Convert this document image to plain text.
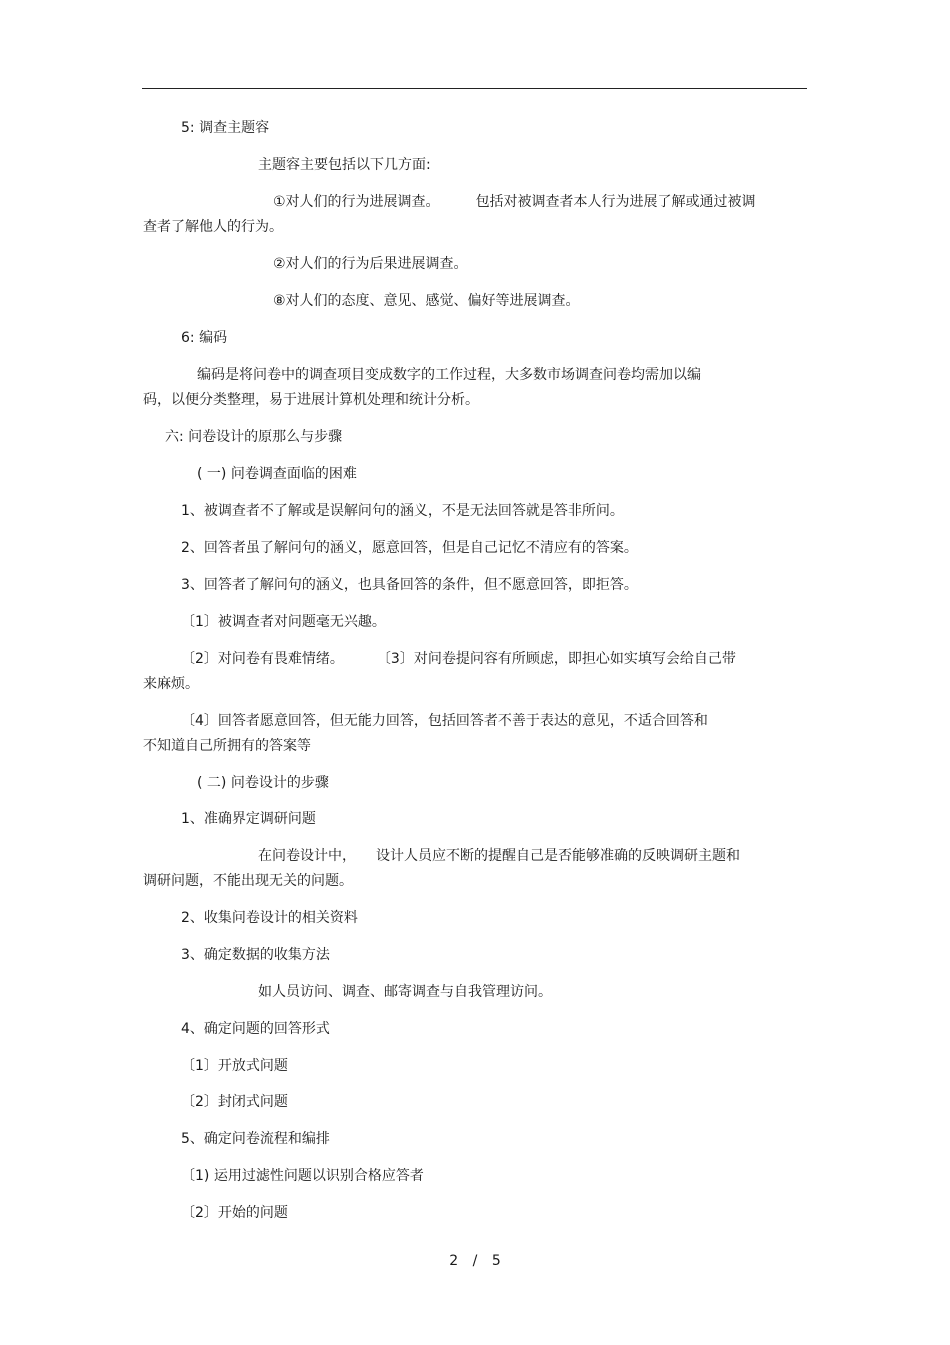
5: 调查主题容
主题容主要包括以下几方面:
①对人们的行为进展调查。	包括对被调查者本人行为进展了解或通过被调
查者了解他人的行为。
②对人们的行为后果进展调查。
⑧对人们的态度、意见、感觉、偏好等进展调查。
6: 编码
编码是将问卷中的调查项目变成数字的工作过程，大多数市场调查问卷均需加以编
码，以便分类整理，易于进展计算机处理和统计分析。
六: 问卷设计的原那么与步骤
( 一) 问卷调查面临的困难
1、被调查者不了解或是误解问句的涵义，不是无法回答就是答非所问。
2、回答者虽了解问句的涵义，愿意回答，但是自己记忆不清应有的答案。
3、回答者了解问句的涵义，也具备回答的条件，但不愿意回答，即拒答。
〔1〕被调查者对问题毫无兴趣。
〔2〕对问卷有畏难情绪。 〔3〕对问卷提问容有所顾虑，即担心如实填写会给自己带
来麻烦。
〔4〕回答者愿意回答，但无能力回答，包括回答者不善于表达的意见，不适合回答和
不知道自己所拥有的答案等
( 二) 问卷设计的步骤
1、准确界定调研问题
在问卷设计中， 设计人员应不断的提醒自己是否能够准确的反映调研主题和
调研问题，不能出现无关的问题。
2、收集问卷设计的相关资料
3、确定数据的收集方法
如人员访问、调查、邮寄调查与自我管理访问。
4、确定问题的回答形式
〔1〕开放式问题
〔2〕封闭式问题
5、确定问卷流程和编排
〔1) 运用过滤性问题以识别合格应答者
〔2〕开始的问题
2 / 5
